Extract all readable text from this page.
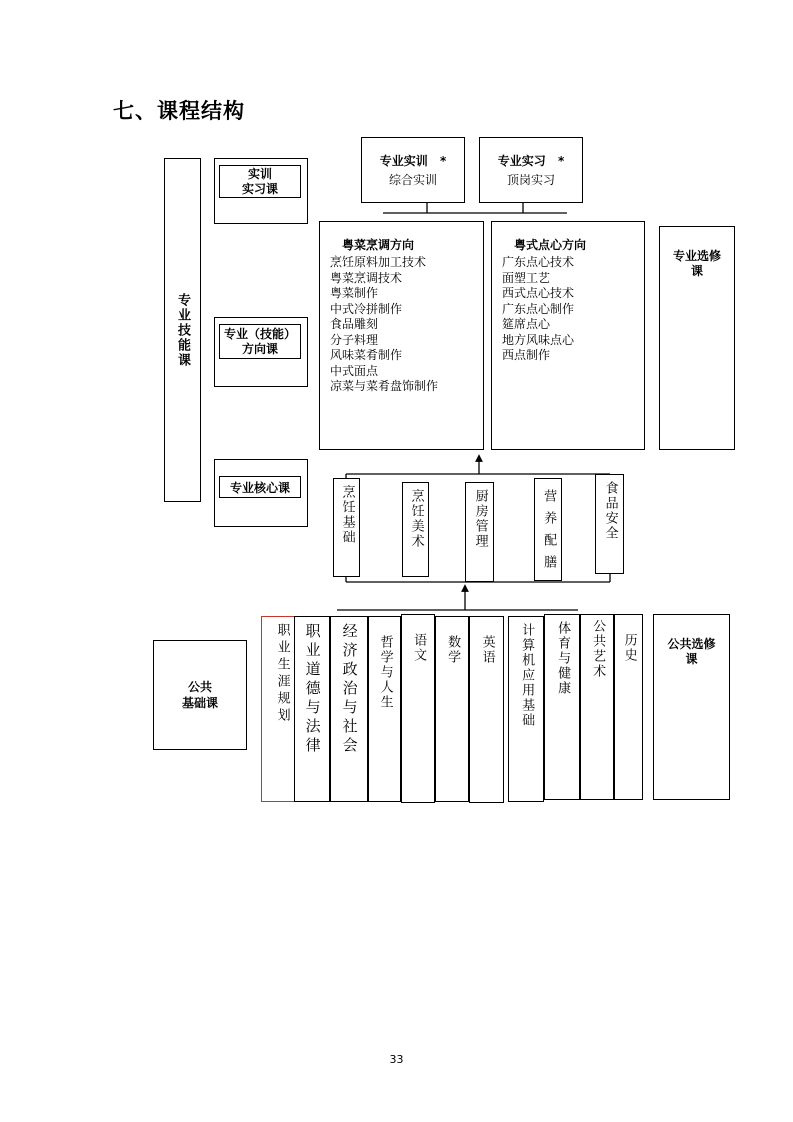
七、课程结构
专业技能课
实训
实习课
专业（技能）
方向课
专业核心课
专业实训 *
综合实训
专业实习 *
顶岗实习
粤菜烹调方向
烹饪原料加工技术
粤菜烹调技术
粤菜制作
中式冷拼制作
食品雕刻
分子料理
风味菜肴制作
中式面点
凉菜与菜肴盘饰制作
粤式点心方向
广东点心技术
面塑工艺
西式点心技术
广东点心制作
筵席点心
地方风味点心
西点制作
专业选修
课
烹饪基础	烹饪美术	厨房管理	营养配膳	食品安全
公共
基础课	职业生涯规划 职业道德与法律 经济政治与社会 哲学与人生 语文 数学 英语 计算机应用基础 体育与健康 公共艺术 历史	公共选修
课
33
